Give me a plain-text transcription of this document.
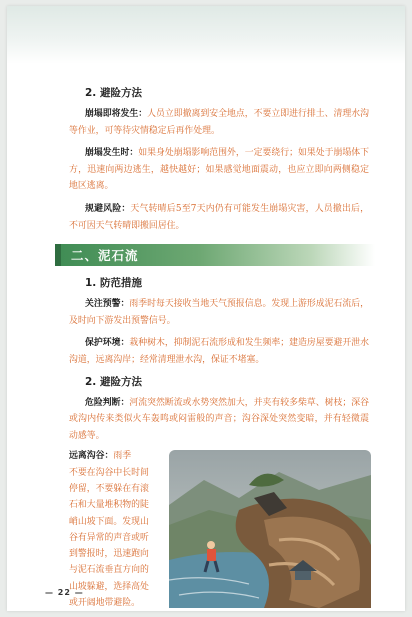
2. 避险方法

崩塌即将发生：人员立即撤离到安全地点，不要立即进行排土、清理水沟等作业，可等待灾情稳定后再作处理。

崩塌发生时：如果身处崩塌影响范围外，一定要绕行；如果处于崩塌体下方，迅速向两边逃生，越快越好；如果感觉地面震动，也应立即向两侧稳定地区逃离。

规避风险：天气转晴后5至7天内仍有可能发生崩塌灾害，人员撤出后，不可因天气转晴即搬回居住。

二、泥石流
1. 防范措施

关注预警：雨季时每天接收当地天气预报信息。发现上游形成泥石流后，及时向下游发出预警信号。

保护环境：栽种树木，抑制泥石流形成和发生频率；建造房屋要避开泄水沟道，远离沟岸；经常清理泄水沟，保证不堵塞。

2. 避险方法

危险判断：河流突然断流或水势突然加大，并夹有较多柴草、树枝；深谷或沟内传来类似火车轰鸣或闷雷般的声音；沟谷深处突然变暗，并有轻微震动感等。

远离沟谷：雨季

不要在沟谷中长时间

停留，不要躲在有滚

石和大量堆积物的陡

峭山坡下面。发现山

谷有异常的声音或听

到警报时，迅速跑向

与泥石流垂直方向的

山坡躲避，选择高处

或开阔地带避险。

— 22 —
